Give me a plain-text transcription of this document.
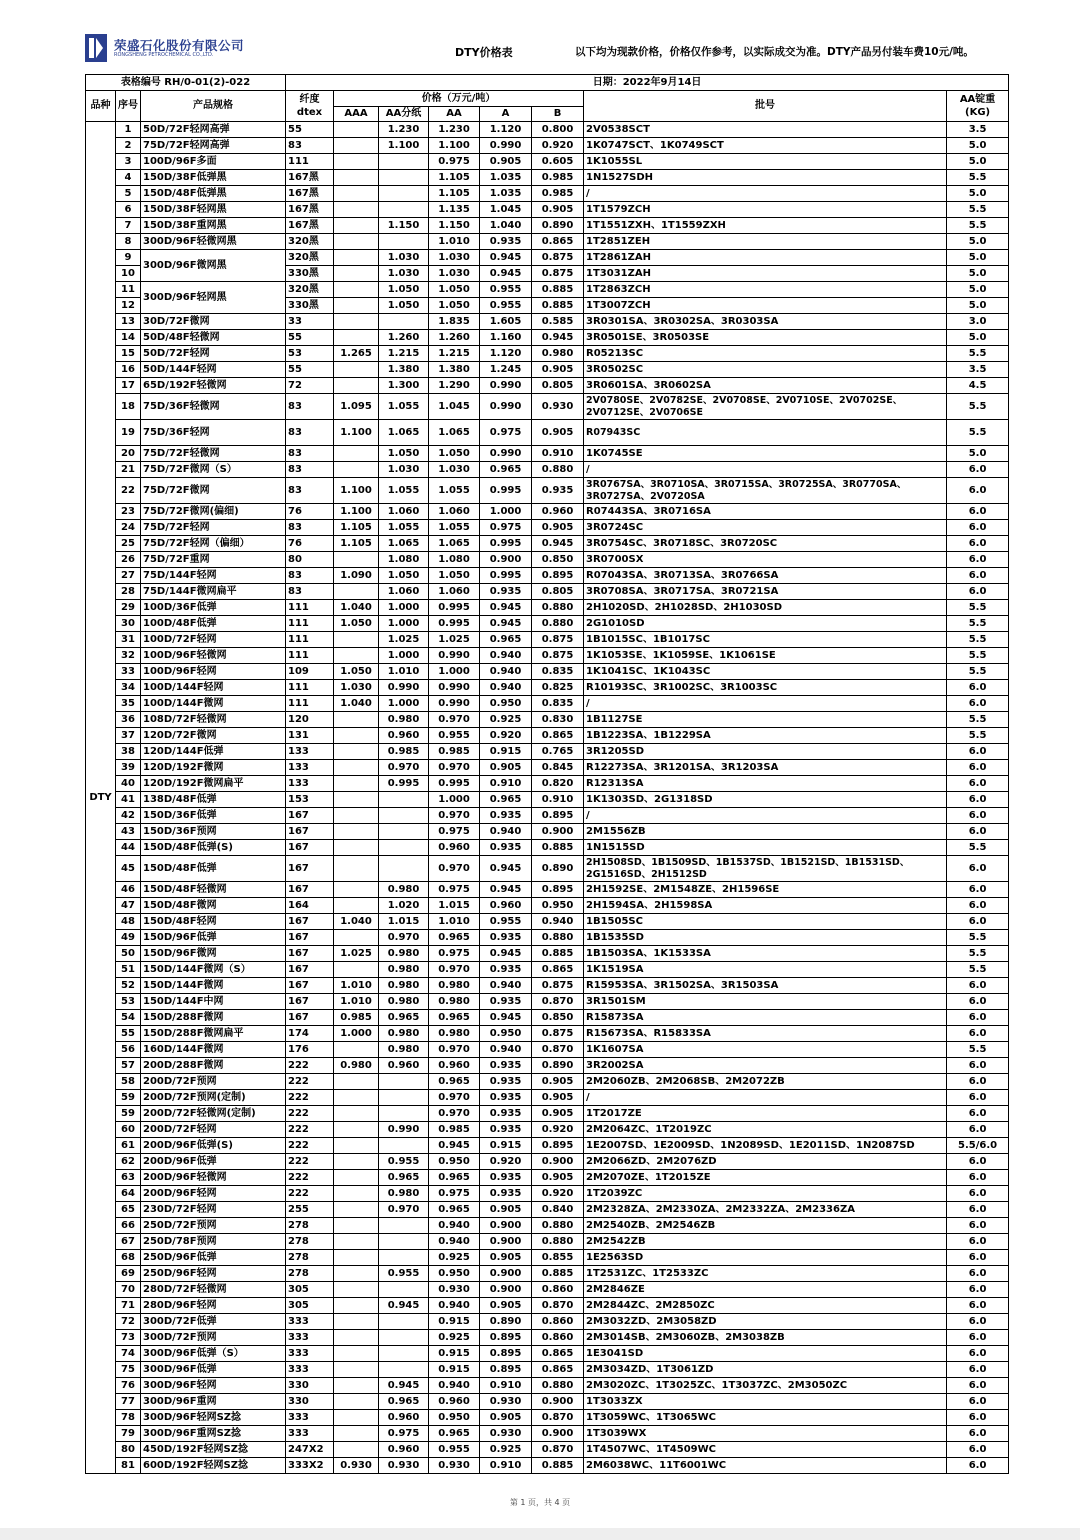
荣盛石化股份有限公司
RONGSHENG PETROCHEMICAL CO.,LTD.	DTY价格表	以下均为现款价格，价格仅作参考，以实际成交为准。DTY产品另付装车费10元/吨。
表格编号 RH/0-01(2)-022			日期：2022年9月14日							
品种	序号	产品规格	纤度
dtex	价格（万元/吨）					批号	AA锭重
(KG)
				AAA	AA分纸	AA	A	B		
DTY	1	50D/72F轻网高弹	55		1.230	1.230	1.120	0.800	2V0538SCT	3.5
	2	75D/72F轻网高弹	83		1.100	1.100	0.990	0.920	1K0747SCT、1K0749SCT	5.0
	3	100D/96F多面	111			0.975	0.905	0.605	1K1055SL	5.0
	4	150D/38F低弹黑	167黑			1.105	1.035	0.985	1N1527SDH	5.5
	5	150D/48F低弹黑	167黑			1.105	1.035	0.985	/	5.0
	6	150D/38F轻网黑	167黑			1.135	1.045	0.905	1T1579ZCH	5.5
	7	150D/38F重网黑	167黑		1.150	1.150	1.040	0.890	1T1551ZXH、1T1559ZXH	5.5
	8	300D/96F轻微网黑	320黑			1.010	0.935	0.865	1T2851ZEH	5.0
	9	300D/96F微网黑	320黑		1.030	1.030	0.945	0.875	1T2861ZAH	5.0
	10		330黑		1.030	1.030	0.945	0.875	1T3031ZAH	5.0
	11	300D/96F轻网黑	320黑		1.050	1.050	0.955	0.885	1T2863ZCH	5.0
	12		330黑		1.050	1.050	0.955	0.885	1T3007ZCH	5.0
	13	30D/72F微网	33			1.835	1.605	0.585	3R0301SA、3R0302SA、3R0303SA	3.0
	14	50D/48F轻微网	55		1.260	1.260	1.160	0.945	3R0501SE、3R0503SE	5.0
	15	50D/72F轻网	53	1.265	1.215	1.215	1.120	0.980	R05213SC	5.5
	16	50D/144F轻网	55		1.380	1.380	1.245	0.905	3R0502SC	3.5
	17	65D/192F轻微网	72		1.300	1.290	0.990	0.805	3R0601SA、3R0602SA	4.5
	18	75D/36F轻微网	83	1.095	1.055	1.045	0.990	0.930	2V0780SE、2V0782SE、2V0708SE、2V0710SE、2V0702SE、2V0712SE、2V0706SE	5.5
	19	75D/36F轻网	83	1.100	1.065	1.065	0.975	0.905	R07943SC	5.5
	20	75D/72F轻微网	83		1.050	1.050	0.990	0.910	1K0745SE	5.0
	21	75D/72F微网（S）	83		1.030	1.030	0.965	0.880	/	6.0
	22	75D/72F微网	83	1.100	1.055	1.055	0.995	0.935	3R0767SA、3R0710SA、3R0715SA、3R0725SA、3R0770SA、3R0727SA、2V0720SA	6.0
	23	75D/72F微网(偏细)	76	1.100	1.060	1.060	1.000	0.960	R07443SA、3R0716SA	6.0
	24	75D/72F轻网	83	1.105	1.055	1.055	0.975	0.905	3R0724SC	6.0
	25	75D/72F轻网（偏细）	76	1.105	1.065	1.065	0.995	0.945	3R0754SC、3R0718SC、3R0720SC	6.0
	26	75D/72F重网	80		1.080	1.080	0.900	0.850	3R0700SX	6.0
	27	75D/144F轻网	83	1.090	1.050	1.050	0.995	0.895	R07043SA、3R0713SA、3R0766SA	6.0
	28	75D/144F微网扁平	83		1.060	1.060	0.935	0.805	3R0708SA、3R0717SA、3R0721SA	6.0
	29	100D/36F低弹	111	1.040	1.000	0.995	0.945	0.880	2H1020SD、2H1028SD、2H1030SD	5.5
	30	100D/48F低弹	111	1.050	1.000	0.995	0.945	0.880	2G1010SD	5.5
	31	100D/72F轻网	111		1.025	1.025	0.965	0.875	1B1015SC、1B1017SC	5.5
	32	100D/96F轻微网	111		1.000	0.990	0.940	0.875	1K1053SE、1K1059SE、1K1061SE	5.5
	33	100D/96F轻网	109	1.050	1.010	1.000	0.940	0.835	1K1041SC、1K1043SC	5.5
	34	100D/144F轻网	111	1.030	0.990	0.990	0.940	0.825	R10193SC、3R1002SC、3R1003SC	6.0
	35	100D/144F微网	111	1.040	1.000	0.990	0.950	0.835	/	6.0
	36	108D/72F轻微网	120		0.980	0.970	0.925	0.830	1B1127SE	5.5
	37	120D/72F微网	131		0.960	0.955	0.920	0.865	1B1223SA、1B1229SA	5.5
	38	120D/144F低弹	133		0.985	0.985	0.915	0.765	3R1205SD	6.0
	39	120D/192F微网	133		0.970	0.970	0.905	0.845	R12273SA、3R1201SA、3R1203SA	6.0
	40	120D/192F微网扁平	133		0.995	0.995	0.910	0.820	R12313SA	6.0
	41	138D/48F低弹	153			1.000	0.965	0.910	1K1303SD、2G1318SD	6.0
	42	150D/36F低弹	167			0.970	0.935	0.895	/	6.0
	43	150D/36F预网	167			0.975	0.940	0.900	2M1556ZB	6.0
	44	150D/48F低弹(S)	167			0.960	0.935	0.885	1N1515SD	5.5
	45	150D/48F低弹	167			0.970	0.945	0.890	2H1508SD、1B1509SD、1B1537SD、1B1521SD、1B1531SD、2G1516SD、2H1512SD	6.0
	46	150D/48F轻微网	167		0.980	0.975	0.945	0.895	2H1592SE、2M1548ZE、2H1596SE	6.0
	47	150D/48F微网	164		1.020	1.015	0.960	0.950	2H1594SA、2H1598SA	6.0
	48	150D/48F轻网	167	1.040	1.015	1.010	0.955	0.940	1B1505SC	6.0
	49	150D/96F低弹	167		0.970	0.965	0.935	0.880	1B1535SD	5.5
	50	150D/96F微网	167	1.025	0.980	0.975	0.945	0.885	1B1503SA、1K1533SA	5.5
	51	150D/144F微网（S）	167		0.980	0.970	0.935	0.865	1K1519SA	5.5
	52	150D/144F微网	167	1.010	0.980	0.980	0.940	0.875	R15953SA、3R1502SA、3R1503SA	6.0
	53	150D/144F中网	167	1.010	0.980	0.980	0.935	0.870	3R1501SM	6.0
	54	150D/288F微网	167	0.985	0.965	0.965	0.945	0.850	R15873SA	6.0
	55	150D/288F微网扁平	174	1.000	0.980	0.980	0.950	0.875	R15673SA、R15833SA	6.0
	56	160D/144F微网	176		0.980	0.970	0.940	0.870	1K1607SA	5.5
	57	200D/288F微网	222	0.980	0.960	0.960	0.935	0.890	3R2002SA	6.0
	58	200D/72F预网	222			0.965	0.935	0.905	2M2060ZB、2M2068SB、2M2072ZB	6.0
	59	200D/72F预网(定制)	222			0.970	0.935	0.905	/	6.0
	59	200D/72F轻微网(定制)	222			0.970	0.935	0.905	1T2017ZE	6.0
	60	200D/72F轻网	222		0.990	0.985	0.935	0.920	2M2064ZC、1T2019ZC	6.0
	61	200D/96F低弹(S)	222			0.945	0.915	0.895	1E2007SD、1E2009SD、1N2089SD、1E2011SD、1N2087SD	5.5/6.0
	62	200D/96F低弹	222		0.955	0.950	0.920	0.900	2M2066ZD、2M2076ZD	6.0
	63	200D/96F轻微网	222		0.965	0.965	0.935	0.905	2M2070ZE、1T2015ZE	6.0
	64	200D/96F轻网	222		0.980	0.975	0.935	0.920	1T2039ZC	6.0
	65	230D/72F轻网	255		0.970	0.965	0.905	0.840	2M2328ZA、2M2330ZA、2M2332ZA、2M2336ZA	6.0
	66	250D/72F预网	278			0.940	0.900	0.880	2M2540ZB、2M2546ZB	6.0
	67	250D/78F预网	278			0.940	0.900	0.880	2M2542ZB	6.0
	68	250D/96F低弹	278			0.925	0.905	0.855	1E2563SD	6.0
	69	250D/96F轻网	278		0.955	0.950	0.900	0.885	1T2531ZC、1T2533ZC	6.0
	70	280D/72F轻微网	305			0.930	0.900	0.860	2M2846ZE	6.0
	71	280D/96F轻网	305		0.945	0.940	0.905	0.870	2M2844ZC、2M2850ZC	6.0
	72	300D/72F低弹	333			0.915	0.890	0.860	2M3032ZD、2M3058ZD	6.0
	73	300D/72F预网	333			0.925	0.895	0.860	2M3014SB、2M3060ZB、2M3038ZB	6.0
	74	300D/96F低弹（S）	333			0.915	0.895	0.865	1E3041SD	6.0
	75	300D/96F低弹	333			0.915	0.895	0.865	2M3034ZD、1T3061ZD	6.0
	76	300D/96F轻网	330		0.945	0.940	0.910	0.880	2M3020ZC、1T3025ZC、1T3037ZC、2M3050ZC	6.0
	77	300D/96F重网	330		0.965	0.960	0.930	0.900	1T3033ZX	6.0
	78	300D/96F轻网SZ捻	333		0.960	0.950	0.905	0.870	1T3059WC、1T3065WC	6.0
	79	300D/96F重网SZ捻	333		0.975	0.965	0.930	0.900	1T3039WX	6.0
	80	450D/192F轻网SZ捻	247X2		0.960	0.955	0.925	0.870	1T4507WC、1T4509WC	6.0
	81	600D/192F轻网SZ捻	333X2	0.930	0.930	0.930	0.910	0.885	2M6038WC、11T6001WC	6.0
第 1 页，共 4 页
